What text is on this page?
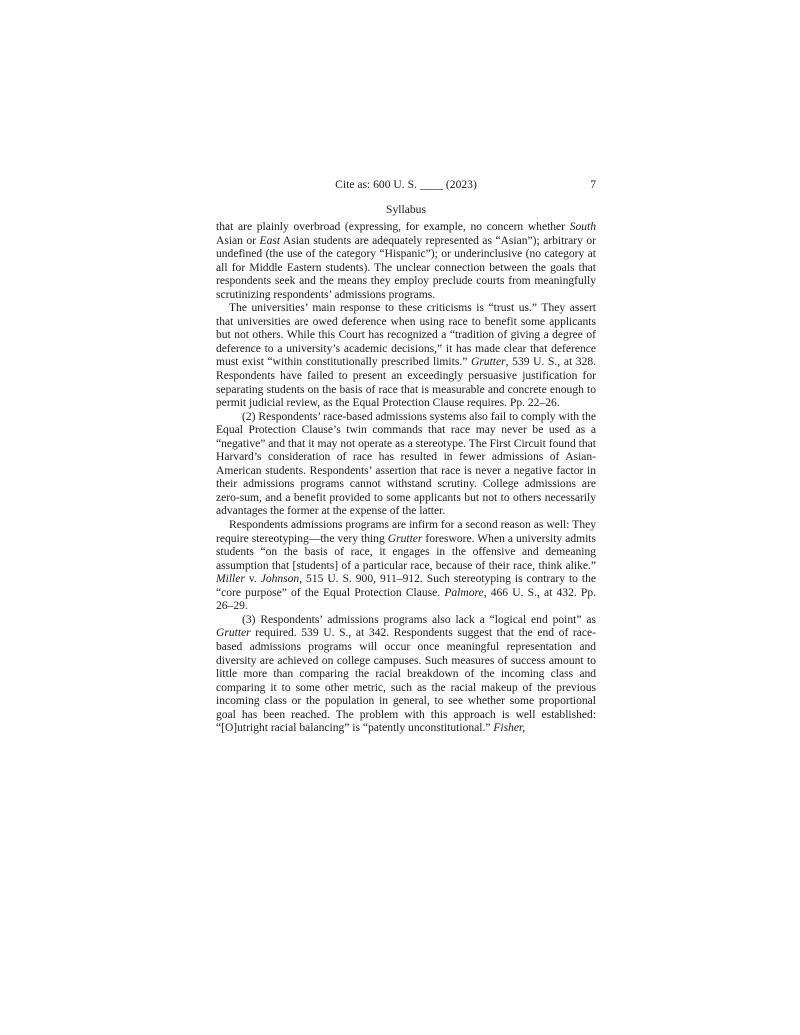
Cite as: 600 U. S. ____ (2023)	7
Syllabus

that are plainly overbroad (expressing, for example, no concern whether South Asian or East Asian students are adequately represented as “Asian”); arbitrary or undefined (the use of the category “Hispanic”); or underinclusive (no category at all for Middle Eastern students). The unclear connection between the goals that respondents seek and the means they employ preclude courts from meaningfully scrutinizing respondents’ admissions programs.

The universities’ main response to these criticisms is “trust us.” They assert that universities are owed deference when using race to benefit some applicants but not others. While this Court has recognized a “tradition of giving a degree of deference to a university’s academic decisions,” it has made clear that deference must exist “within constitutionally prescribed limits.” Grutter, 539 U. S., at 328. Respondents have failed to present an exceedingly persuasive justification for separating students on the basis of race that is measurable and concrete enough to permit judicial review, as the Equal Protection Clause requires. Pp. 22–26.

(2) Respondents’ race-based admissions systems also fail to comply with the Equal Protection Clause’s twin commands that race may never be used as a “negative” and that it may not operate as a stereotype. The First Circuit found that Harvard’s consideration of race has resulted in fewer admissions of Asian-American students. Respondents’ assertion that race is never a negative factor in their admissions programs cannot withstand scrutiny. College admissions are zero-sum, and a benefit provided to some applicants but not to others necessarily advantages the former at the expense of the latter.

Respondents admissions programs are infirm for a second reason as well: They require stereotyping—the very thing Grutter foreswore. When a university admits students “on the basis of race, it engages in the offensive and demeaning assumption that [students] of a particular race, because of their race, think alike.” Miller v. Johnson, 515 U. S. 900, 911–912. Such stereotyping is contrary to the “core purpose” of the Equal Protection Clause. Palmore, 466 U. S., at 432. Pp. 26–29.

(3) Respondents’ admissions programs also lack a “logical end point” as Grutter required. 539 U. S., at 342. Respondents suggest that the end of race-based admissions programs will occur once meaningful representation and diversity are achieved on college campuses. Such measures of success amount to little more than comparing the racial breakdown of the incoming class and comparing it to some other metric, such as the racial makeup of the previous incoming class or the population in general, to see whether some proportional goal has been reached. The problem with this approach is well established: “[O]utright racial balancing” is “patently unconstitutional.” Fisher,
